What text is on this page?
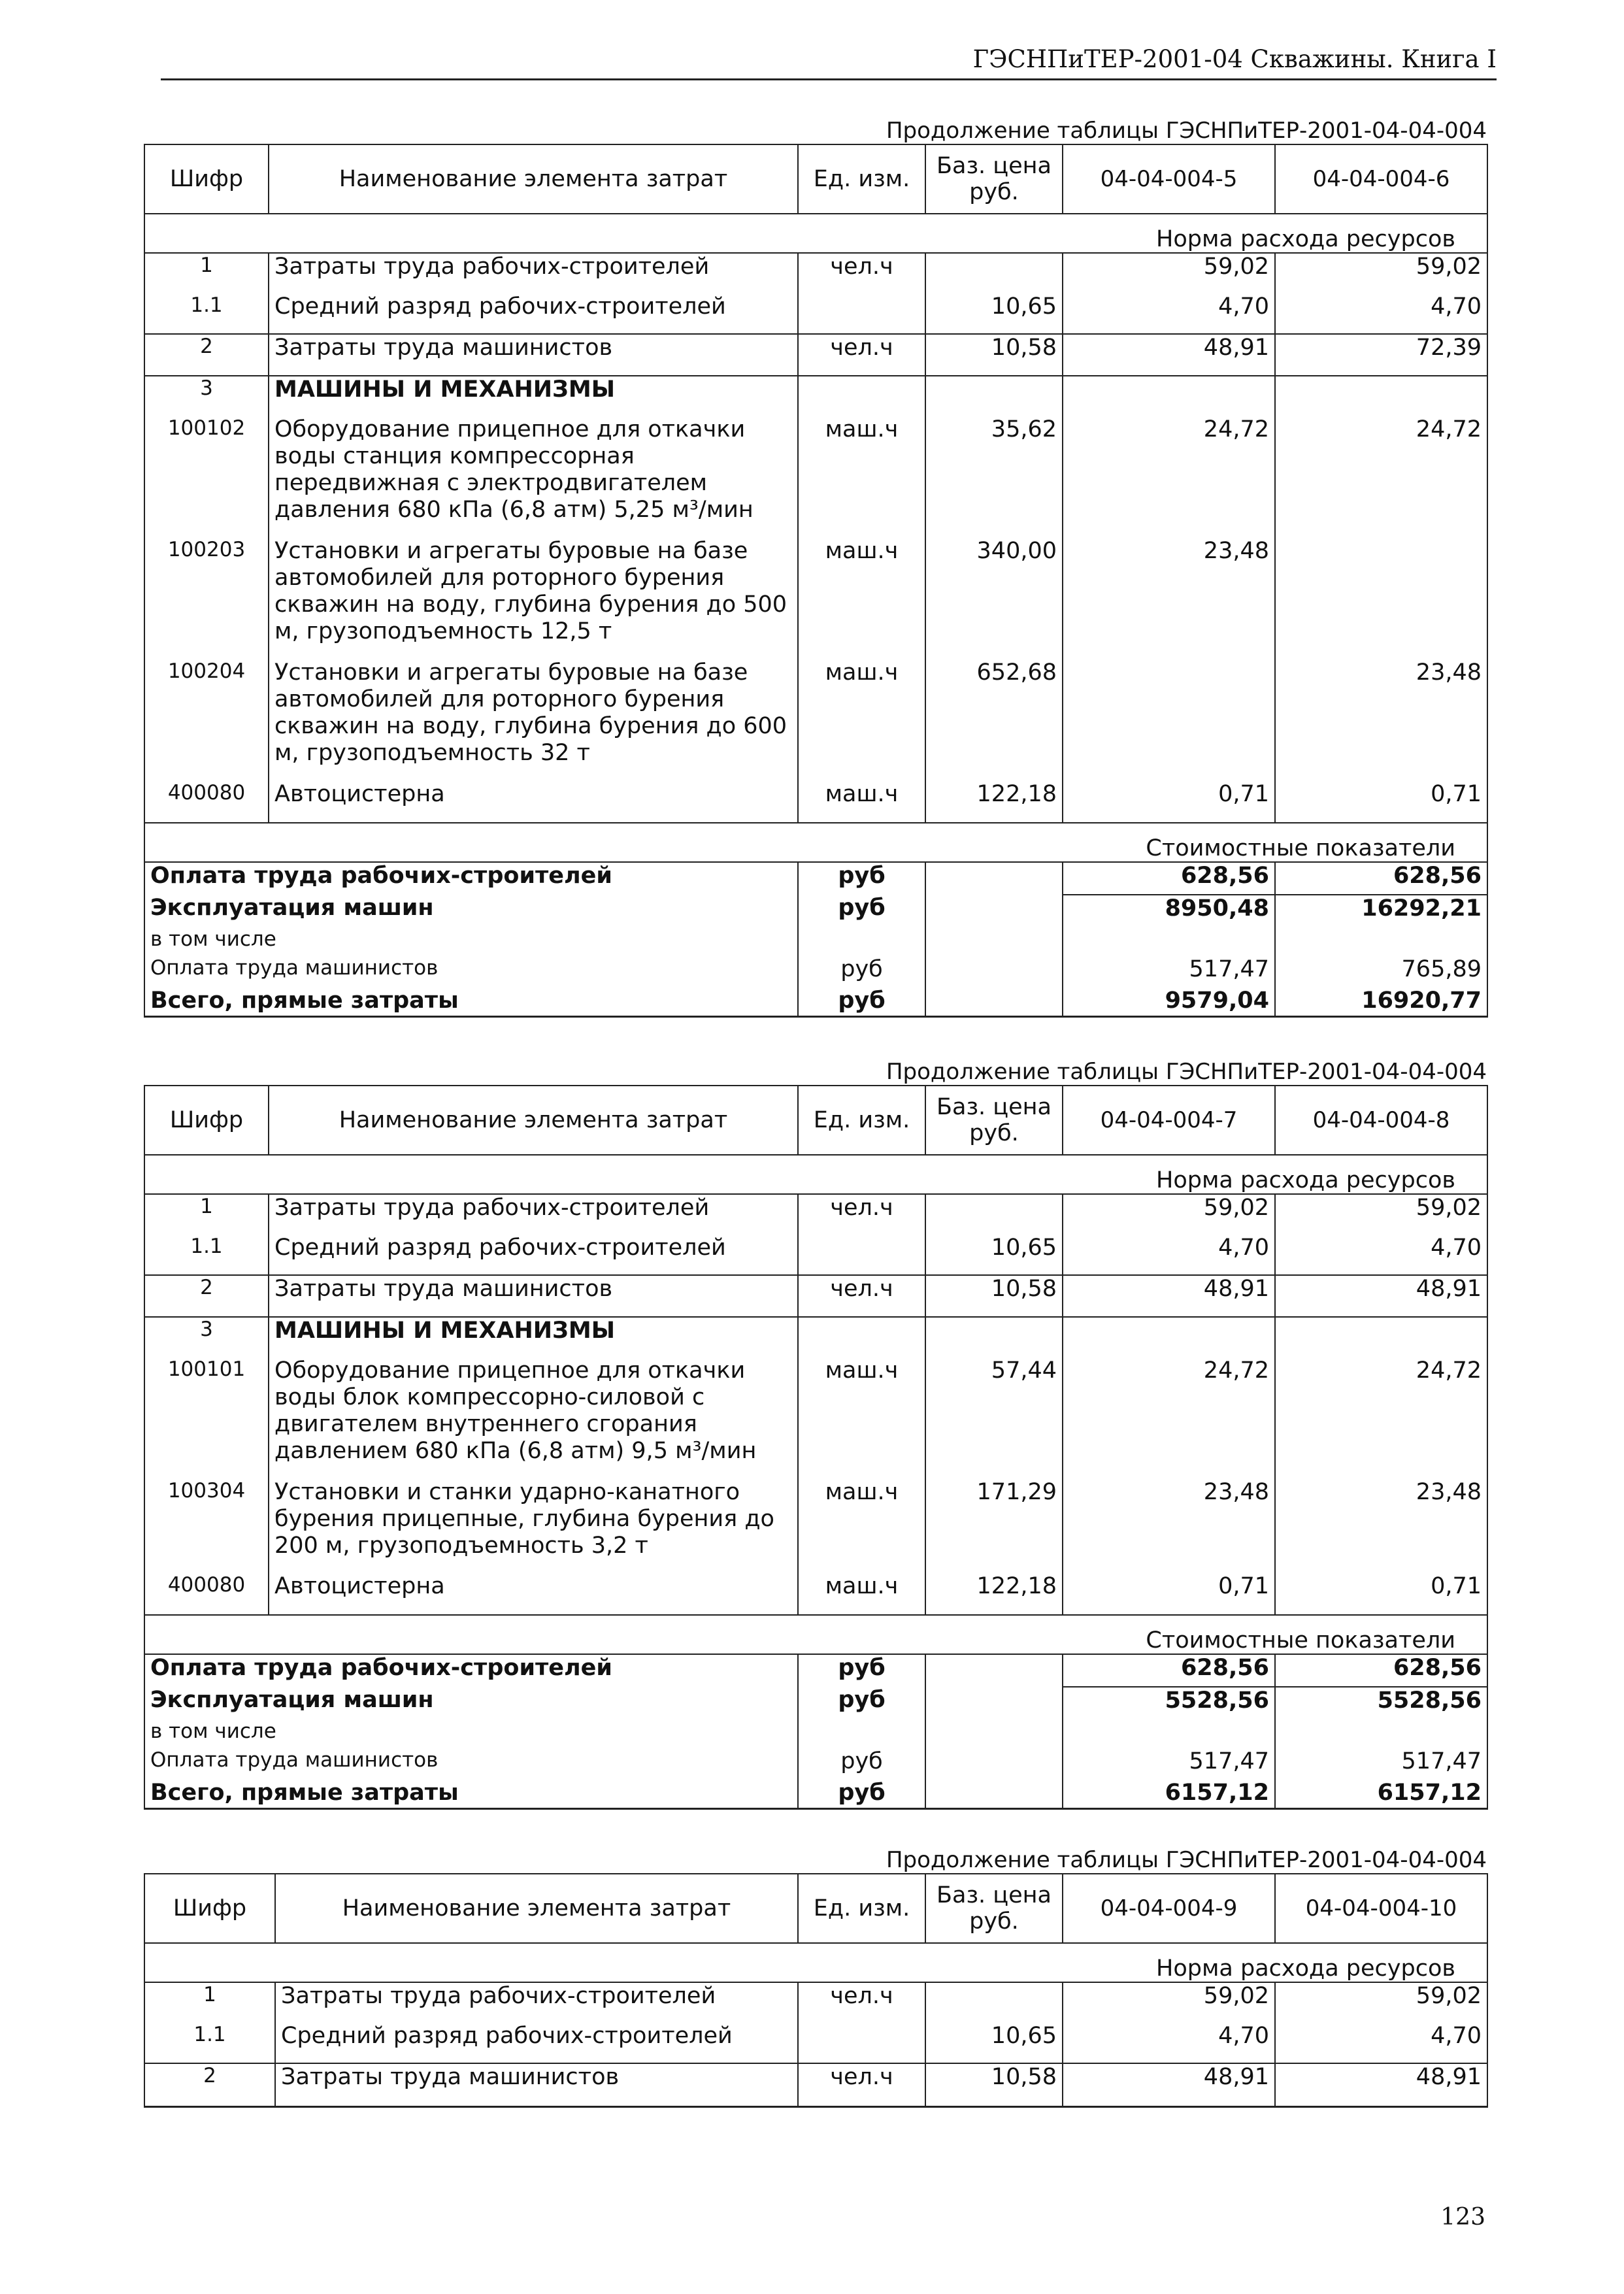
ГЭСНПиТЕР-2001-04 Скважины. Книга I
Продолжение таблицы ГЭСНПиТЕР-2001-04-04-004
Шифр	Наименование элемента затрат	Ед. изм.	Баз. цена руб.	04-04-004-5	04-04-004-6
Норма расхода ресурсов					
1	Затраты труда рабочих-строителей	чел.ч		59,02	59,02
1.1	Средний разряд рабочих-строителей		10,65	4,70	4,70
2	Затраты труда машинистов	чел.ч	10,58	48,91	72,39
3	МАШИНЫ И МЕХАНИЗМЫ				
100102	Оборудование прицепное для откачки воды станция компрессорная передвижная с электродвигателем давления 680 кПа (6,8 атм) 5,25 м³/мин	маш.ч	35,62	24,72	24,72
100203	Установки и агрегаты буровые на базе автомобилей для роторного бурения скважин на воду, глубина бурения до 500 м, грузоподъемность 12,5 т	маш.ч	340,00	23,48	
100204	Установки и агрегаты буровые на базе автомобилей для роторного бурения скважин на воду, глубина бурения до 600 м, грузоподъемность 32 т	маш.ч	652,68		23,48
400080	Автоцистерна	маш.ч	122,18	0,71	0,71
Стоимостные показатели					
Оплата труда рабочих-строителей		руб		628,56	628,56
Эксплуатация машин		руб		8950,48	16292,21
в том числе					
Оплата труда машинистов		руб		517,47	765,89
Всего, прямые затраты		руб		9579,04	16920,77
Продолжение таблицы ГЭСНПиТЕР-2001-04-04-004
Шифр	Наименование элемента затрат	Ед. изм.	Баз. цена руб.	04-04-004-7	04-04-004-8
Норма расхода ресурсов					
1	Затраты труда рабочих-строителей	чел.ч		59,02	59,02
1.1	Средний разряд рабочих-строителей		10,65	4,70	4,70
2	Затраты труда машинистов	чел.ч	10,58	48,91	48,91
3	МАШИНЫ И МЕХАНИЗМЫ				
100101	Оборудование прицепное для откачки воды блок компрессорно-силовой с двигателем внутреннего сгорания давлением 680 кПа (6,8 атм) 9,5 м³/мин	маш.ч	57,44	24,72	24,72
100304	Установки и станки ударно-канатного бурения прицепные, глубина бурения до 200 м, грузоподъемность 3,2 т	маш.ч	171,29	23,48	23,48
400080	Автоцистерна	маш.ч	122,18	0,71	0,71
Стоимостные показатели					
Оплата труда рабочих-строителей		руб		628,56	628,56
Эксплуатация машин		руб		5528,56	5528,56
в том числе					
Оплата труда машинистов		руб		517,47	517,47
Всего, прямые затраты		руб		6157,12	6157,12
Продолжение таблицы ГЭСНПиТЕР-2001-04-04-004
Шифр	Наименование элемента затрат	Ед. изм.	Баз. цена руб.	04-04-004-9	04-04-004-10
Норма расхода ресурсов					
1	Затраты труда рабочих-строителей	чел.ч		59,02	59,02
1.1	Средний разряд рабочих-строителей		10,65	4,70	4,70
2	Затраты труда машинистов	чел.ч	10,58	48,91	48,91
123
